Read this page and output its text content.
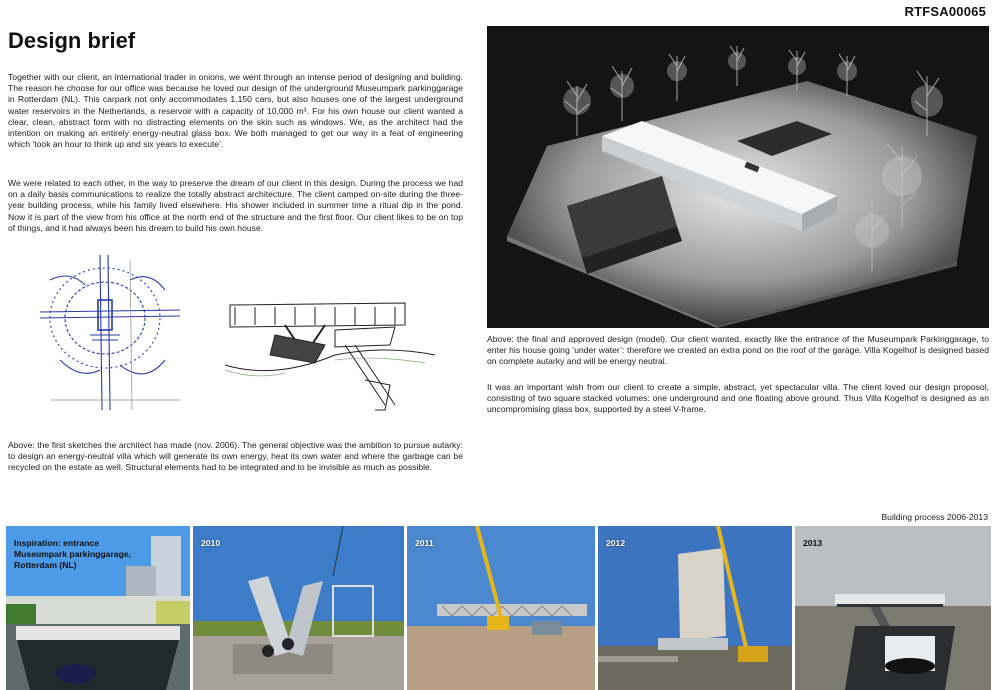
RTFSA00065
Design brief

Together with our client, an international trader in onions, we went through an intense period of designing and building. The reason he choose for our office was because he loved our design of the underground Museumpark parkinggarage in Rotterdam (NL). This carpark not only accommodates 1.150 cars, but also houses one of the largest underground water reservoirs in the Netherlands, a reservoir with a capacity of 10,000 m³. For his own house our client wanted a clear, clean, abstract form with no distracting elements on the skin such as windows. We, as the architect had the intention on making an entirely energy-neutral glass box. We both managed to get our way in a feat of engineering which ‘took an hour to think up and six years to execute’.

We were related to each other, in the way to preserve the dream of our client in this design. During the process we had on a daily basis communications to realize the totally abstract architecture. The client camped on-site during the three-year building process, while his family lived elsewhere. His shower included in summer time a ritual dip in the pond. Now it is part of the view from his office at the north end of the structure and the first floor. Our client likes to be on top of things, and it had always been his dream to build his own house.

Above: the first sketches the architect has made (nov. 2006). The general objective was the ambition to pursue autarky: to design an energy-neutral villa which will generate its own energy, heat its own water and where the garbage can be recycled on the estate as well. Structural elements had to be integrated and to be invisible as much as possible.

Above: the final and approved design (model). Our client wanted, exactly like the entrance of the Museumpark Parkinggarage, to enter his house going ‘under water’: therefore we created an extra pond on the roof of the garage. Villa Kogelhof is designed based on complete autarky and will be energy neutral.

It was an important wish from our client to create a simple, abstract, yet spectacular villa. The client loved our design proposol, consisting of two square stacked volumes: one underground and one floating above ground. Thus Villa Kogelhof is designed as an uncompromising glass box, supported by a steel V-frame.

Building process 2006-2013
Inspiration: entrance Museumpark parkinggarage, Rotterdam (NL)
2010	2011	2012	2013
